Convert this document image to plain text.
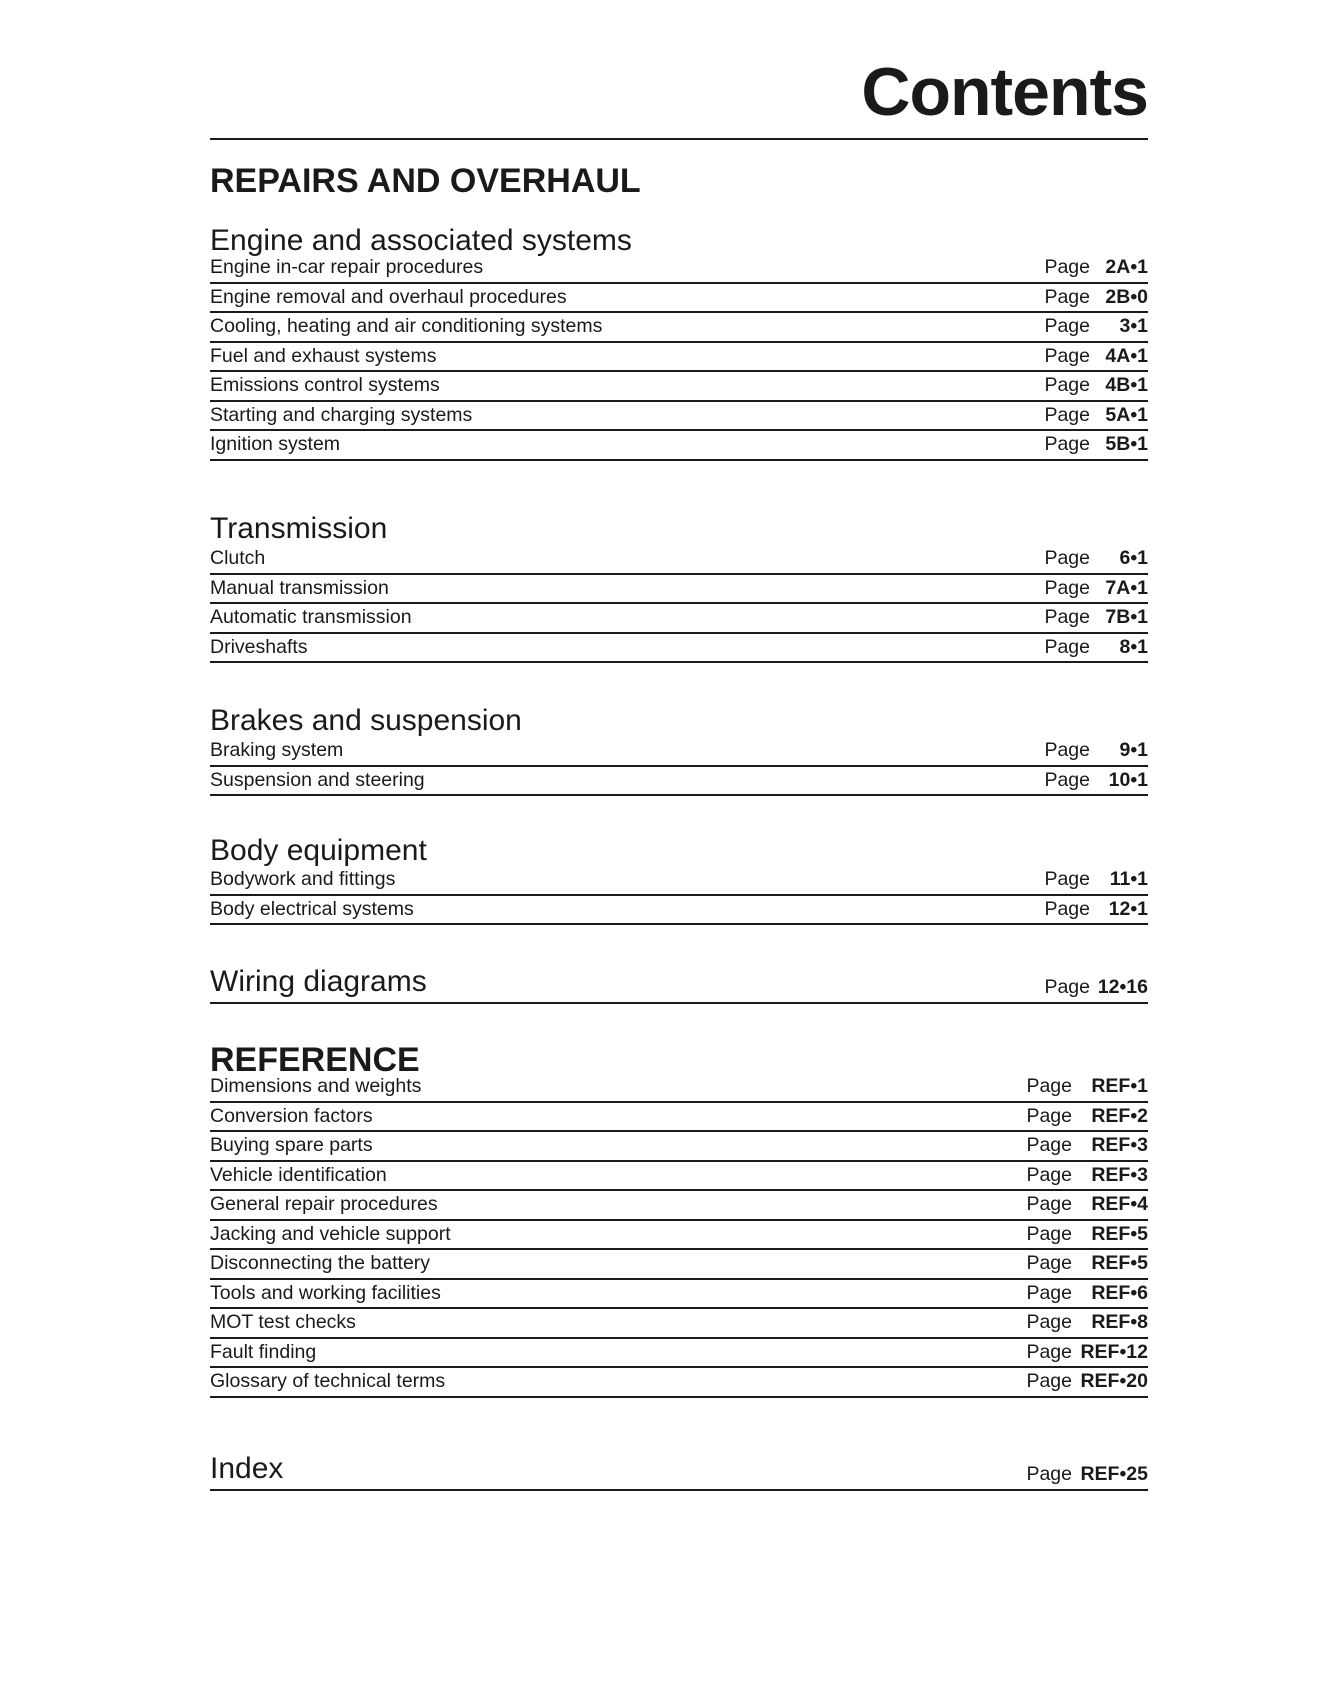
Contents
REPAIRS AND OVERHAUL
Engine and associated systems
Engine in-car repair procedures	Page 2A•1
Engine removal and overhaul procedures	Page 2B•0
Cooling, heating and air conditioning systems	Page	3•1
Fuel and exhaust systems	Page 4A•1
Emissions control systems	Page 4B•1
Starting and charging systems	Page 5A•1
Ignition system	Page 5B•1
Transmission
Clutch	Page	6•1
Manual transmission	Page 7A•1
Automatic transmission	Page 7B•1
Driveshafts	Page	8•1
Brakes and suspension
Braking system	Page	9•1
Suspension and steering	Page 10•1
Body equipment
Bodywork and fittings	Page	11•1
Body electrical systems	Page 12•1
Wiring diagrams	Page 12•16
REFERENCE
Dimensions and weights	Page REF•1
Conversion factors	Page REF•2
Buying spare parts	Page REF•3
Vehicle identification	Page REF•3
General repair procedures	Page REF•4
Jacking and vehicle support	Page REF•5
Disconnecting the battery	Page REF•5
Tools and working facilities	Page REF•6
MOT test checks	Page REF•8
Fault finding	Page REF•12
Glossary of technical terms	Page REF•20
Index	Page REF•25
